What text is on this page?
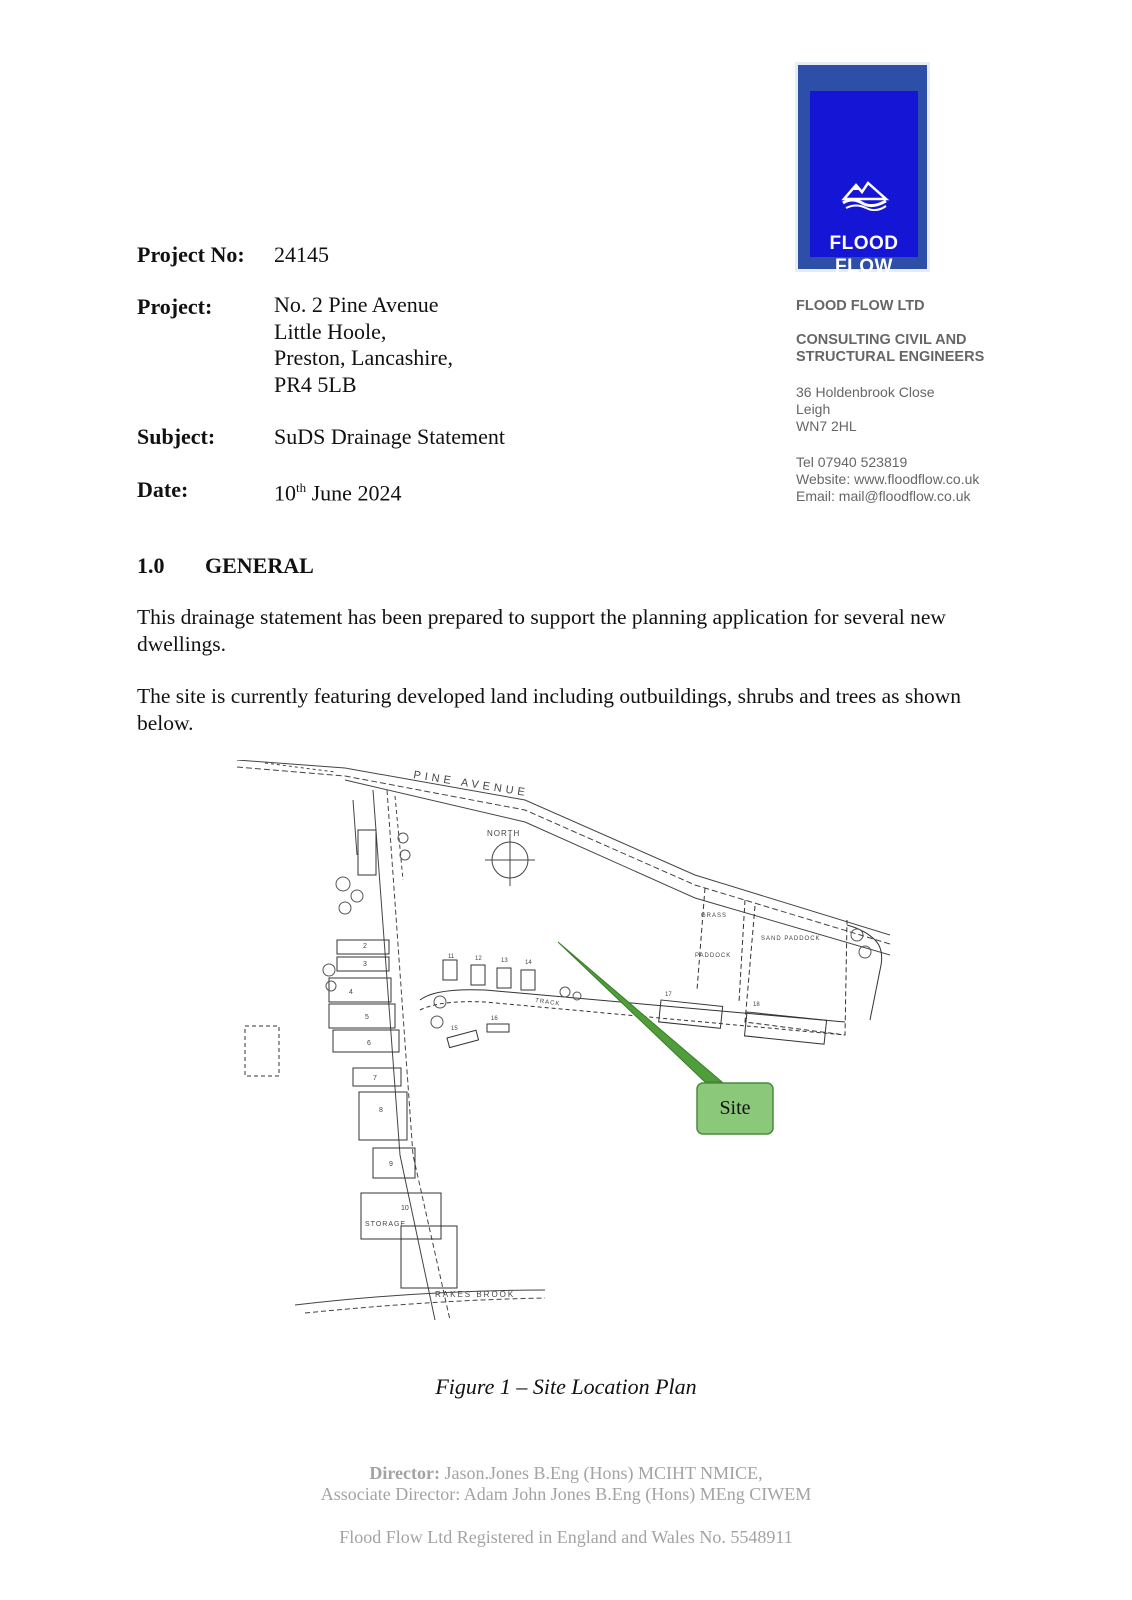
FLOOD
FLOW
FLOOD FLOW LTD
CONSULTING CIVIL AND
STRUCTURAL ENGINEERS
36 Holdenbrook Close
Leigh
WN7 2HL
Tel 07940 523819
Website: www.floodflow.co.uk
Email: mail@floodflow.co.uk
Project No: 24145
Project:	No. 2 Pine Avenue
Little Hoole,
Preston, Lancashire,
PR4 5LB
Subject:	SuDS Drainage Statement
Date:	10th June 2024
1.0 GENERAL
This drainage statement has been prepared to support the planning application for several new dwellings.
The site is currently featuring developed land including outbuildings, shrubs and trees as shown below.
PINE AVENUE
NORTH
2
3
4
5
6
7
8
9
10
STORAGE
11	12	13	14
15
16
TRACK
GRASS
PADDOCK
SAND PADDOCK
17
18
RAKES BROOK
Site
Figure 1 – Site Location Plan
Director: Jason.Jones B.Eng (Hons) MCIHT NMICE,
Associate Director: Adam John Jones B.Eng (Hons) MEng CIWEM
Flood Flow Ltd Registered in England and Wales No. 5548911
